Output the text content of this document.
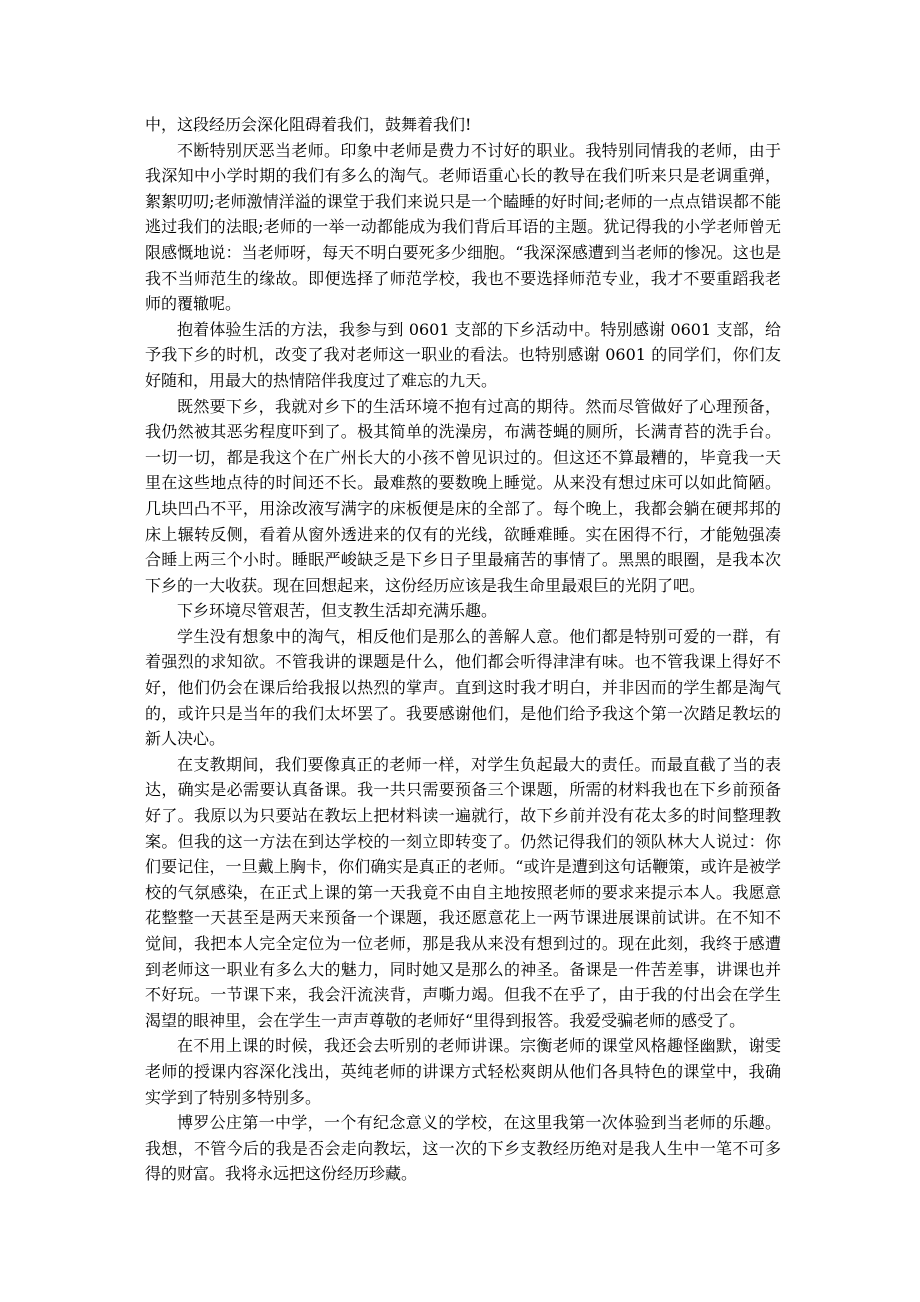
中，这段经历会深化阻碍着我们，鼓舞着我们!

不断特别厌恶当老师。印象中老师是费力不讨好的职业。我特别同情我的老师，由于我深知中小学时期的我们有多么的淘气。老师语重心长的教导在我们听来只是老调重弹，絮絮叨叨;老师激情洋溢的课堂于我们来说只是一个瞌睡的好时间;老师的一点点错误都不能逃过我们的法眼;老师的一举一动都能成为我们背后耳语的主题。犹记得我的小学老师曾无限感慨地说：当老师呀，每天不明白要死多少细胞。“我深深感遭到当老师的惨况。这也是我不当师范生的缘故。即便选择了师范学校，我也不要选择师范专业，我才不要重蹈我老师的覆辙呢。

抱着体验生活的方法，我参与到 0601 支部的下乡活动中。特别感谢 0601 支部，给予我下乡的时机，改变了我对老师这一职业的看法。也特别感谢 0601 的同学们，你们友好随和，用最大的热情陪伴我度过了难忘的九天。

既然要下乡，我就对乡下的生活环境不抱有过高的期待。然而尽管做好了心理预备，我仍然被其恶劣程度吓到了。极其简单的洗澡房，布满苍蝇的厕所，长满青苔的洗手台。一切一切，都是我这个在广州长大的小孩不曾见识过的。但这还不算最糟的，毕竟我一天里在这些地点待的时间还不长。最难熬的要数晚上睡觉。从来没有想过床可以如此简陋。几块凹凸不平，用涂改液写满字的床板便是床的全部了。每个晚上，我都会躺在硬邦邦的床上辗转反侧，看着从窗外透进来的仅有的光线，欲睡难睡。实在困得不行，才能勉强凑合睡上两三个小时。睡眠严峻缺乏是下乡日子里最痛苦的事情了。黑黑的眼圈，是我本次下乡的一大收获。现在回想起来，这份经历应该是我生命里最艰巨的光阴了吧。

下乡环境尽管艰苦，但支教生活却充满乐趣。

学生没有想象中的淘气，相反他们是那么的善解人意。他们都是特别可爱的一群，有着强烈的求知欲。不管我讲的课题是什么，他们都会听得津津有味。也不管我课上得好不好，他们仍会在课后给我报以热烈的掌声。直到这时我才明白，并非因而的学生都是淘气的，或许只是当年的我们太坏罢了。我要感谢他们，是他们给予我这个第一次踏足教坛的新人决心。

在支教期间，我们要像真正的老师一样，对学生负起最大的责任。而最直截了当的表达，确实是必需要认真备课。我一共只需要预备三个课题，所需的材料我也在下乡前预备好了。我原以为只要站在教坛上把材料读一遍就行，故下乡前并没有花太多的时间整理教案。但我的这一方法在到达学校的一刻立即转变了。仍然记得我们的领队林大人说过：你们要记住，一旦戴上胸卡，你们确实是真正的老师。“或许是遭到这句话鞭策，或许是被学校的气氛感染，在正式上课的第一天我竟不由自主地按照老师的要求来提示本人。我愿意花整整一天甚至是两天来预备一个课题，我还愿意花上一两节课进展课前试讲。在不知不觉间，我把本人完全定位为一位老师，那是我从来没有想到过的。现在此刻，我终于感遭到老师这一职业有多么大的魅力，同时她又是那么的神圣。备课是一件苦差事，讲课也并不好玩。一节课下来，我会汗流浃背，声嘶力竭。但我不在乎了，由于我的付出会在学生渴望的眼神里，会在学生一声声尊敬的老师好“里得到报答。我爱受骗老师的感受了。

在不用上课的时候，我还会去听别的老师讲课。宗衡老师的课堂风格趣怪幽默，谢雯老师的授课内容深化浅出，英纯老师的讲课方式轻松爽朗从他们各具特色的课堂中，我确实学到了特别多特别多。

博罗公庄第一中学，一个有纪念意义的学校，在这里我第一次体验到当老师的乐趣。我想，不管今后的我是否会走向教坛，这一次的下乡支教经历绝对是我人生中一笔不可多得的财富。我将永远把这份经历珍藏。
